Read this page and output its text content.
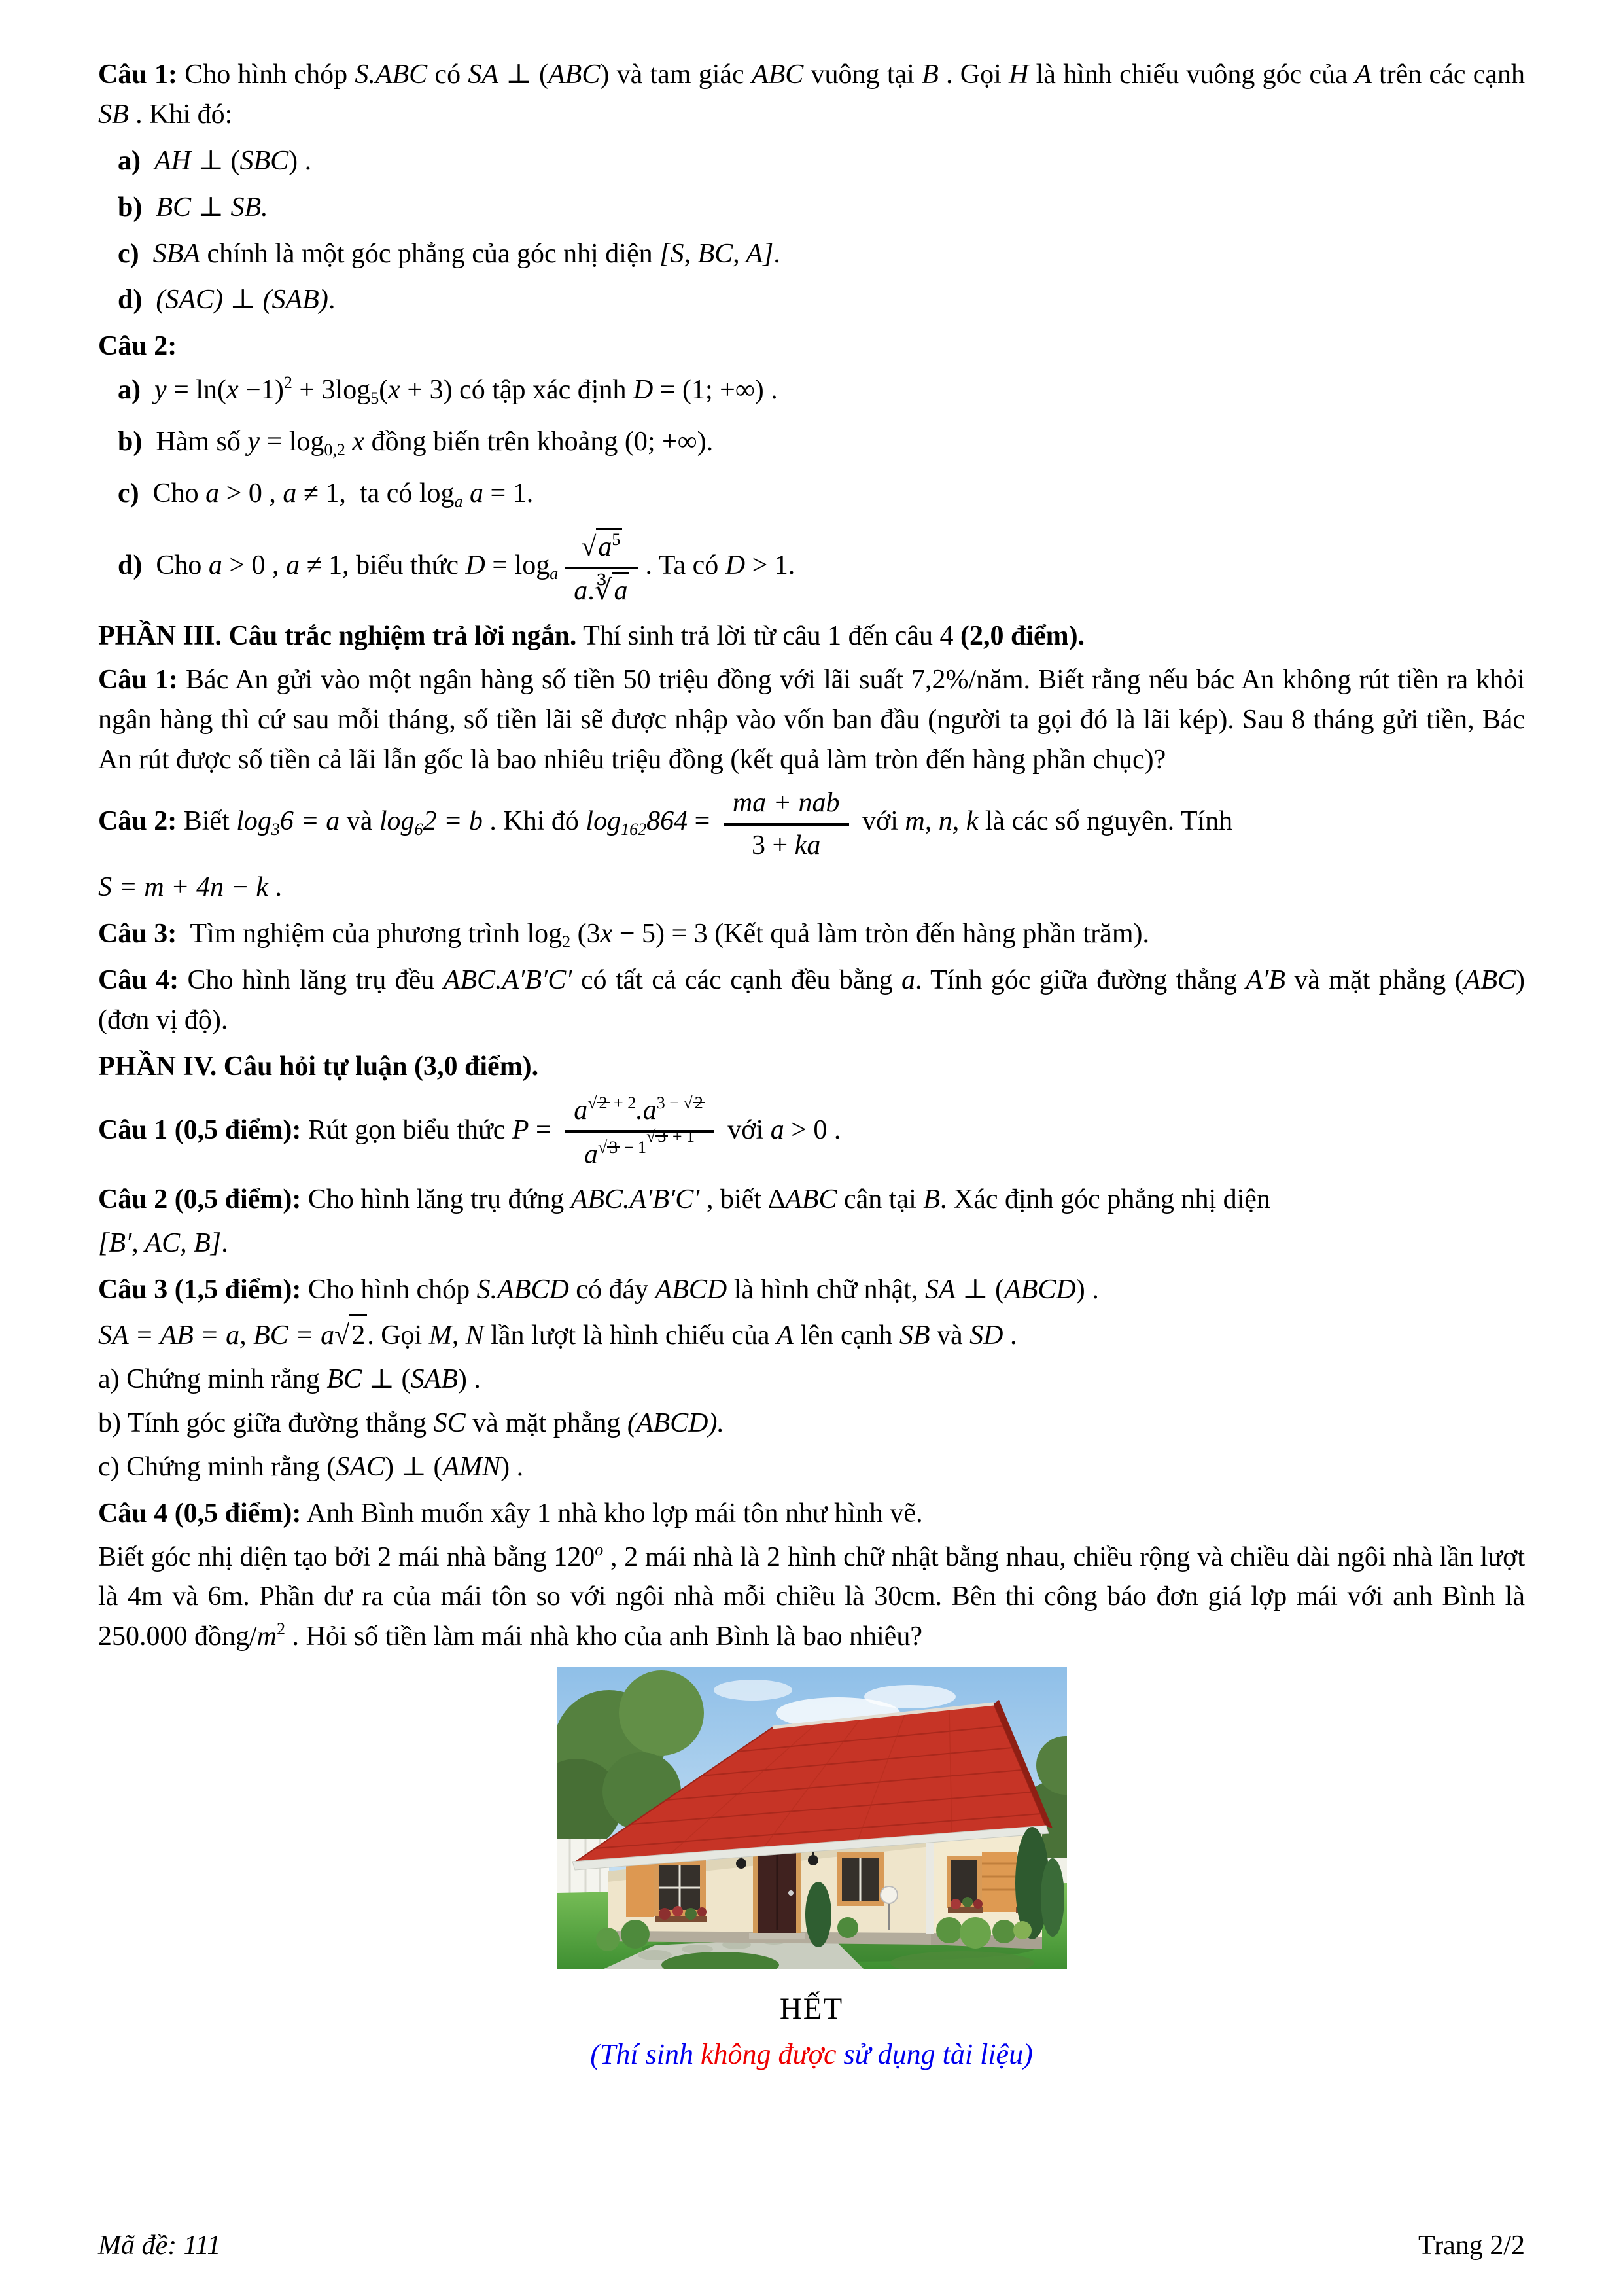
Câu 1: Cho hình chóp S.ABC có SA ⊥ (ABC) và tam giác ABC vuông tại B . Gọi H là hình chiếu vuông góc của A trên các cạnh SB . Khi đó:

a) AH ⊥ (SBC) .

b) BC ⊥ SB.

c) SBA chính là một góc phẳng của góc nhị diện [S, BC, A].

d) (SAC) ⊥ (SAB).

Câu 2:

a) $y = \ln(x -1)^2 + 3\log_5(x + 3)$ có tập xác định D = (1; +∞) .

b)  Hàm số $y = \log_{0,2} x$ đồng biến trên khoảng (0; +∞).

c)  Cho a > 0 , a ≠ 1,  ta có $\log_a a = 1$.

d)  Cho a > 0 , a ≠ 1, biểu thức $D = \log_a \frac{√a^5}{a.∛a}$ . Ta có D > 1.

PHẦN III. Câu trắc nghiệm trả lời ngắn. Thí sinh trả lời từ câu 1 đến câu 4 (2,0 điểm).

Câu 1: Bác An gửi vào một ngân hàng số tiền 50 triệu đồng với lãi suất 7,2%/năm. Biết rằng nếu bác An không rút tiền ra khỏi ngân hàng thì cứ sau mỗi tháng, số tiền lãi sẽ được nhập vào vốn ban đầu (người ta gọi đó là lãi kép). Sau 8 tháng gửi tiền, Bác An rút được số tiền cả lãi lẫn gốc là bao nhiêu triệu đồng (kết quả làm tròn đến hàng phần chục)?

Câu 2: Biết $\log_36 = a$ và $\log_62 = b$ . Khi đó $\log_{162}864 = \frac{\text{ma + nab}}{3 + ka}$ với m, n, k là các số nguyên. Tính

S = m + 4n − k .

Câu 3:  Tìm nghiệm của phương trình $\log_2 (3x - 5) = 3$ (Kết quả làm tròn đến hàng phần trăm).

Câu 4: Cho hình lăng trụ đều ABC.A′B′C′ có tất cả các cạnh đều bằng a. Tính góc giữa đường thẳng A′B và mặt phẳng (ABC) (đơn vị độ).

PHẦN IV. Câu hỏi tự luận (3,0 điểm).

Câu 1 (0,5 điểm): Rút gọn biểu thức $P = \frac{a^{√ 2 + 2}.a^{3 - √ 2}}{a^{√ 3 - 1√ 3 + 1}}$ với a > 0 .

Câu 2 (0,5 điểm): Cho hình lăng trụ đứng ABC.A′B′C′ , biết ∆ABC cân tại B. Xác định góc phẳng nhị diện

[B′, AC, B].

Câu 3 (1,5 điểm): Cho hình chóp S.ABCD có đáy ABCD là hình chữ nhật, SA ⊥ (ABCD) .

SA = AB = a, BC = a√2. Gọi M, N lần lượt là hình chiếu của A lên cạnh SB và SD .

a) Chứng minh rằng BC ⊥ (SAB) .

b) Tính góc giữa đường thẳng SC và mặt phẳng (ABCD).

c) Chứng minh rằng (SAC) ⊥ (AMN) .

Câu 4 (0,5 điểm): Anh Bình muốn xây 1 nhà kho lợp mái tôn như hình vẽ.

Biết góc nhị diện tạo bởi 2 mái nhà bằng 120$^o$ , 2 mái nhà là 2 hình chữ nhật bằng nhau, chiều rộng và chiều dài ngôi nhà lần lượt là 4m và 6m. Phần dư ra của mái tôn so với ngôi nhà mỗi chiều là 30cm. Bên thi công báo đơn giá lợp mái với anh Bình là 250.000 đồng/$m^2$ . Hỏi số tiền làm mái nhà kho của anh Bình là bao nhiêu?

HẾT

(Thí sinh không được sử dụng tài liệu)

Mã đề: 111	Trang 2/2
